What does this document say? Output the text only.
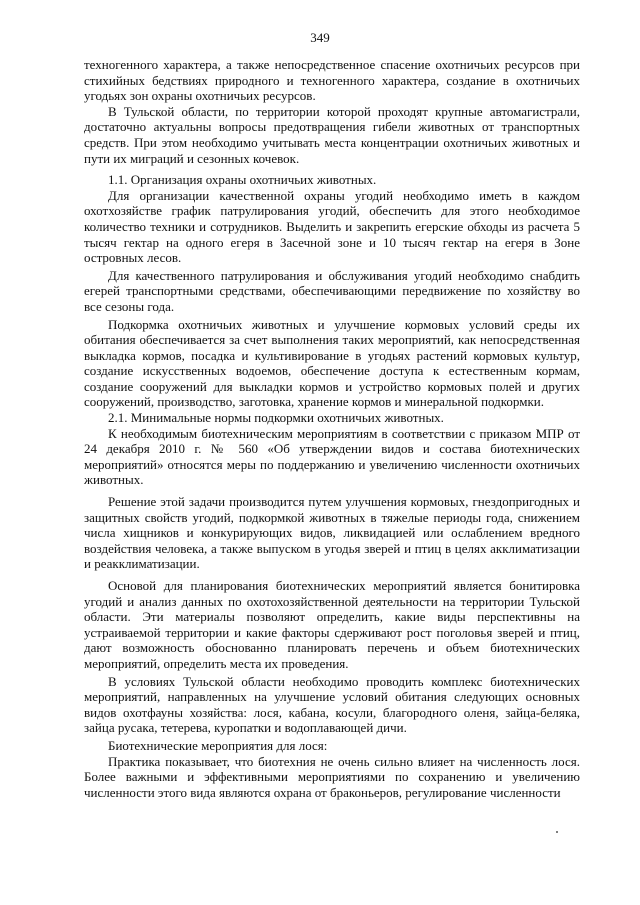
349

техногенного характера, а также непосредственное спасение охотничьих ресурсов при стихийных бедствиях природного и техногенного характера, создание в охотничьих угодьях зон охраны охотничьих ресурсов.

В Тульской области, по территории которой проходят крупные автомагистрали, достаточно актуальны вопросы предотвращения гибели животных от транспортных средств. При этом необходимо учитывать места концентрации охотничьих животных и пути их миграций и сезонных кочевок.

1.1. Организация охраны охотничьих животных.

Для организации качественной охраны угодий необходимо иметь в каждом охотхозяйстве график патрулирования угодий, обеспечить для этого необходимое количество техники и сотрудников. Выделить и закрепить егерские обходы из расчета 5 тысяч гектар на одного егеря в Засечной зоне и 10 тысяч гектар на егеря в Зоне островных лесов.

Для качественного патрулирования и обслуживания угодий необходимо снабдить егерей транспортными средствами, обеспечивающими передвижение по хозяйству во все сезоны года.

Подкормка охотничьих животных и улучшение кормовых условий среды их обитания обеспечивается за счет выполнения таких мероприятий, как непосредственная выкладка кормов, посадка и культивирование в угодьях растений кормовых культур, создание искусственных водоемов, обеспечение доступа к естественным кормам, создание сооружений для выкладки кормов и устройство кормовых полей и других сооружений, производство, заготовка, хранение кормов и минеральной подкормки.

2.1. Минимальные нормы подкормки охотничьих животных.

К необходимым биотехническим мероприятиям в соответствии с приказом МПР от 24 декабря 2010 г. № 560 «Об утверждении видов и состава биотехнических мероприятий» относятся меры по поддержанию и увеличению численности охотничьих животных.

Решение этой задачи производится путем улучшения кормовых, гнездопригодных и защитных свойств угодий, подкормкой животных в тяжелые периоды года, снижением числа хищников и конкурирующих видов, ликвидацией или ослаблением вредного воздействия человека, а также выпуском в угодья зверей и птиц в целях акклиматизации и реакклиматизации.

Основой для планирования биотехнических мероприятий является бонитировка угодий и анализ данных по охотохозяйственной деятельности на территории Тульской области. Эти материалы позволяют определить, какие виды перспективны на устраиваемой территории и какие факторы сдерживают рост поголовья зверей и птиц, дают возможность обоснованно планировать перечень и объем биотехнических мероприятий, определить места их проведения.

В условиях Тульской области необходимо проводить комплекс биотехнических мероприятий, направленных на улучшение условий обитания следующих основных видов охотфауны хозяйства: лося, кабана, косули, благородного оленя, зайца-беляка, зайца русака, тетерева, куропатки и водоплавающей дичи.

Биотехнические мероприятия для лося:

Практика показывает, что биотехния не очень сильно влияет на численность лося. Более важными и эффективными мероприятиями по сохранению и увеличению численности этого вида являются охрана от браконьеров, регулирование численности
